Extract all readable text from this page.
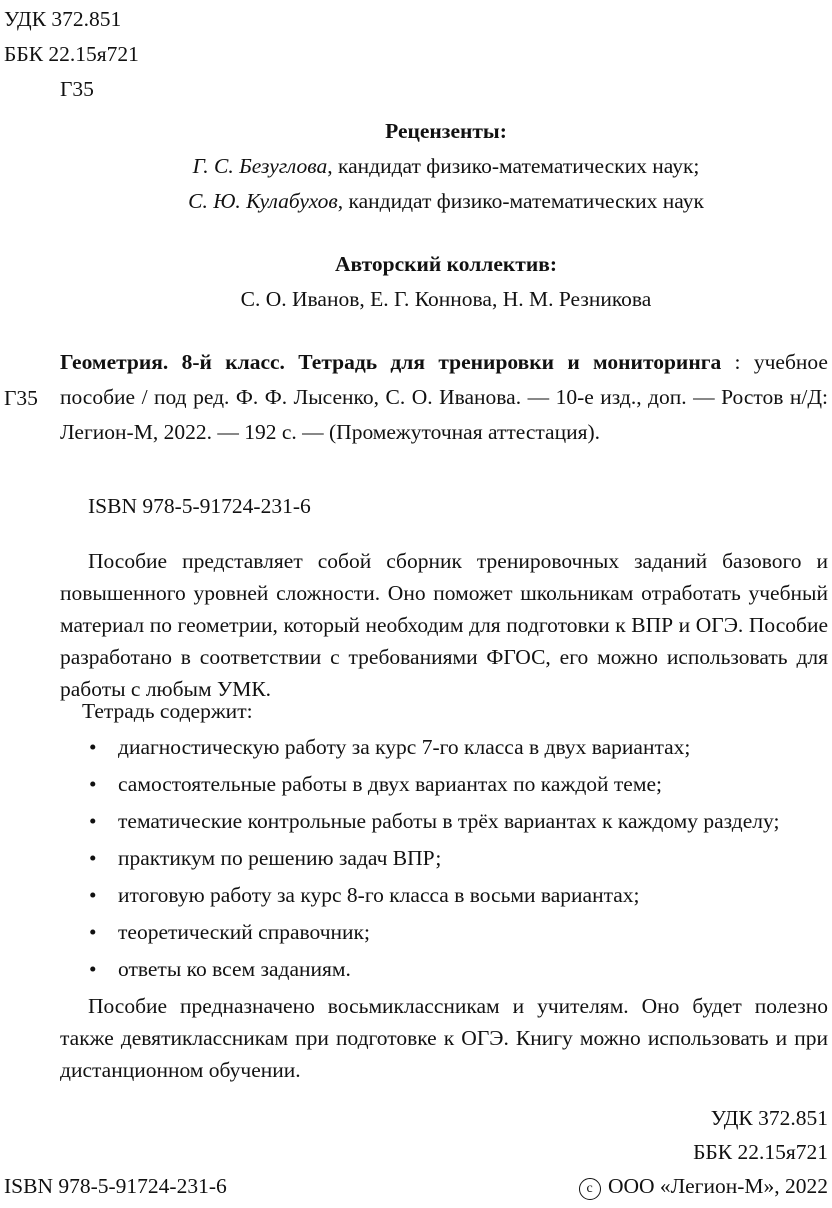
УДК 372.851
ББК 22.15я721
Г35
Рецензенты:
Г. С. Безуглова, кандидат физико-математических наук;
С. Ю. Кулабухов, кандидат физико-математических наук
Авторский коллектив:
С. О. Иванов, Е. Г. Коннова, Н. М. Резникова
Г35
Геометрия. 8-й класс. Тетрадь для тренировки и мониторинга : учебное пособие / под ред. Ф. Ф. Лысенко, С. О. Иванова. — 10-е изд., доп. — Ростов н/Д: Легион-М, 2022. — 192 с. — (Промежуточная аттестация).
ISBN 978-5-91724-231-6
Пособие представляет собой сборник тренировочных заданий базового и повышенного уровней сложности. Оно поможет школьникам отработать учебный материал по геометрии, который необходим для подготовки к ВПР и ОГЭ. Пособие разработано в соответствии с требованиями ФГОС, его можно использовать для работы с любым УМК.
Тетрадь содержит:
• диагностическую работу за курс 7-го класса в двух вариантах;
• самостоятельные работы в двух вариантах по каждой теме;
• тематические контрольные работы в трёх вариантах к каждому разделу;
• практикум по решению задач ВПР;
• итоговую работу за курс 8-го класса в восьми вариантах;
• теоретический справочник;
• ответы ко всем заданиям.
Пособие предназначено восьмиклассникам и учителям. Оно будет полезно также девятиклассникам при подготовке к ОГЭ. Книгу можно использовать и при дистанционном обучении.
УДК 372.851
ББК 22.15я721
ISBN 978-5-91724-231-6	c ООО «Легион-М», 2022
